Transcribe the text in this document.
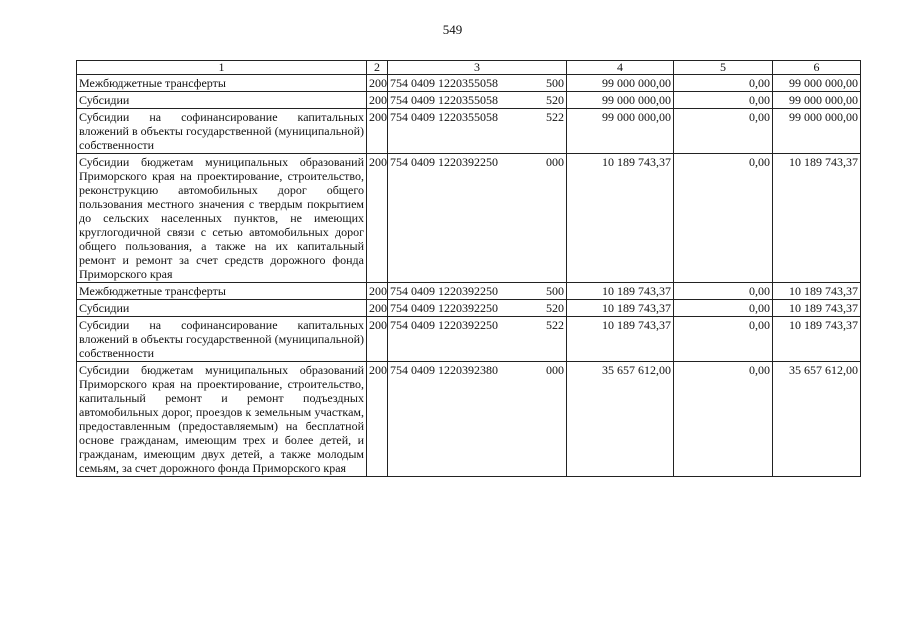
549
1	2	3	4	5	6
Межбюджетные трансферты	200	754 0409 1220355058 500	99 000 000,00	0,00	99 000 000,00
Субсидии	200	754 0409 1220355058 520	99 000 000,00	0,00	99 000 000,00
Субсидии на софинансирование капитальных вложений в объекты государственной (муниципальной) собственности	200	754 0409 1220355058 522	99 000 000,00	0,00	99 000 000,00
Субсидии бюджетам муниципальных образований Приморского края на проектирование, строительство, реконструкцию автомобильных дорог общего пользования местного значения с твердым покрытием до сельских населенных пунктов, не имеющих круглогодичной связи с сетью автомобильных дорог общего пользования, а также на их капитальный ремонт и ремонт за счет средств дорожного фонда Приморского края	200	754 0409 1220392250 000	10 189 743,37	0,00	10 189 743,37
Межбюджетные трансферты	200	754 0409 1220392250 500	10 189 743,37	0,00	10 189 743,37
Субсидии	200	754 0409 1220392250 520	10 189 743,37	0,00	10 189 743,37
Субсидии на софинансирование капитальных вложений в объекты государственной (муниципальной) собственности	200	754 0409 1220392250 522	10 189 743,37	0,00	10 189 743,37
Субсидии бюджетам муниципальных образований Приморского края на проектирование, строительство, капитальный ремонт и ремонт подъездных автомобильных дорог, проездов к земельным участкам, предоставленным (предоставляемым) на бесплатной основе гражданам, имеющим трех и более детей, и гражданам, имеющим двух детей, а также молодым семьям, за счет дорожного фонда Приморского края	200	754 0409 1220392380 000	35 657 612,00	0,00	35 657 612,00
